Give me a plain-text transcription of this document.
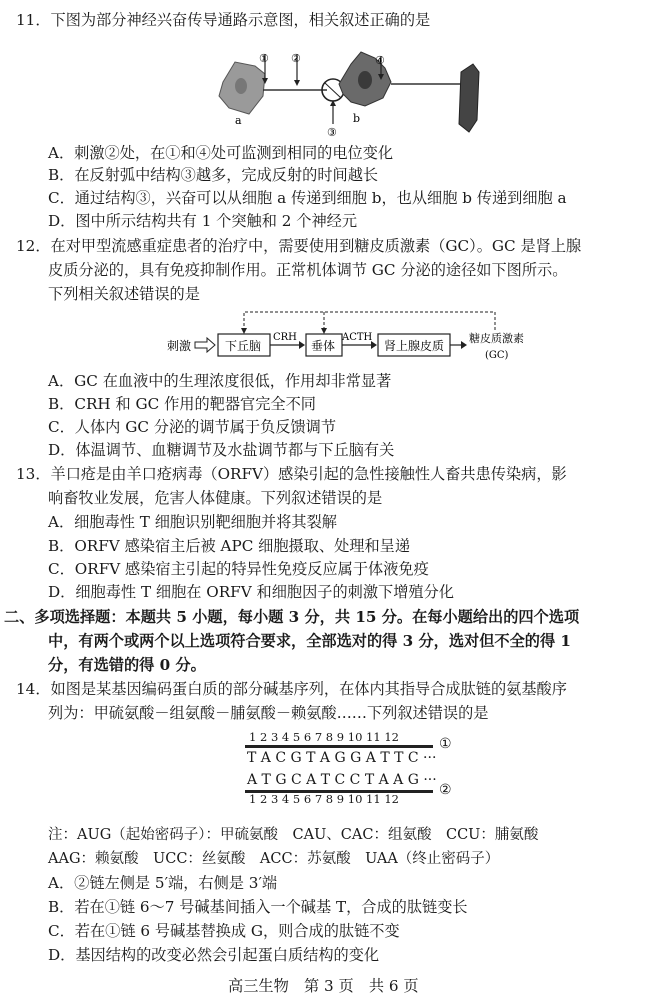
11．下图为部分神经兴奋传导通路示意图，相关叙述正确的是
① ②	④
③
a	b
A．刺激②处，在①和④处可监测到相同的电位变化
B．在反射弧中结构③越多，完成反射的时间越长
C．通过结构③，兴奋可以从细胞 a 传递到细胞 b，也从细胞 b 传递到细胞 a
D．图中所示结构共有 1 个突触和 2 个神经元
12．在对甲型流感重症患者的治疗中，需要使用到糖皮质激素（GC）。GC 是肾上腺
皮质分泌的，具有免疫抑制作用。正常机体调节 GC 分泌的途径如下图所示。
下列相关叙述错误的是
刺激	下丘脑
CRH
垂体
ACTH
肾上腺皮质
糖皮质激素
(GC)
A．GC 在血液中的生理浓度很低，作用却非常显著
B．CRH 和 GC 作用的靶器官完全不同
C．人体内 GC 分泌的调节属于负反馈调节
D．体温调节、血糖调节及水盐调节都与下丘脑有关
13．羊口疮是由羊口疮病毒（ORFV）感染引起的急性接触性人畜共患传染病，影
响畜牧业发展，危害人体健康。下列叙述错误的是
A．细胞毒性 T 细胞识别靶细胞并将其裂解
B．ORFV 感染宿主后被 APC 细胞摄取、处理和呈递
C．ORFV 感染宿主引起的特异性免疫反应属于体液免疫
D．细胞毒性 T 细胞在 ORFV 和细胞因子的刺激下增殖分化
二、多项选择题：本题共 5 小题，每小题 3 分，共 15 分。在每小题给出的四个选项
中，有两个或两个以上选项符合要求，全部选对的得 3 分，选对但不全的得 1
分，有选错的得 0 分。
14．如图是某基因编码蛋白质的部分碱基序列，在体内其指导合成肽链的氨基酸序
列为：甲硫氨酸－组氨酸－脯氨酸－赖氨酸……下列叙述错误的是
1 2 3 4 5 6 7 8 9 10 11 12	①
T A C G T A G G A T T C ···
A T G C A T C C T A A G ···
②
1 2 3 4 5 6 7 8 9 10 11 12
注：AUG（起始密码子）：甲硫氨酸　CAU、CAC：组氨酸　CCU：脯氨酸
AAG：赖氨酸　UCC：丝氨酸　ACC：苏氨酸　UAA（终止密码子）
A．②链左侧是 5′端，右侧是 3′端
B．若在①链 6～7 号碱基间插入一个碱基 T，合成的肽链变长
C．若在①链 6 号碱基替换成 G，则合成的肽链不变
D．基因结构的改变必然会引起蛋白质结构的变化
高三生物　第 3 页　共 6 页
